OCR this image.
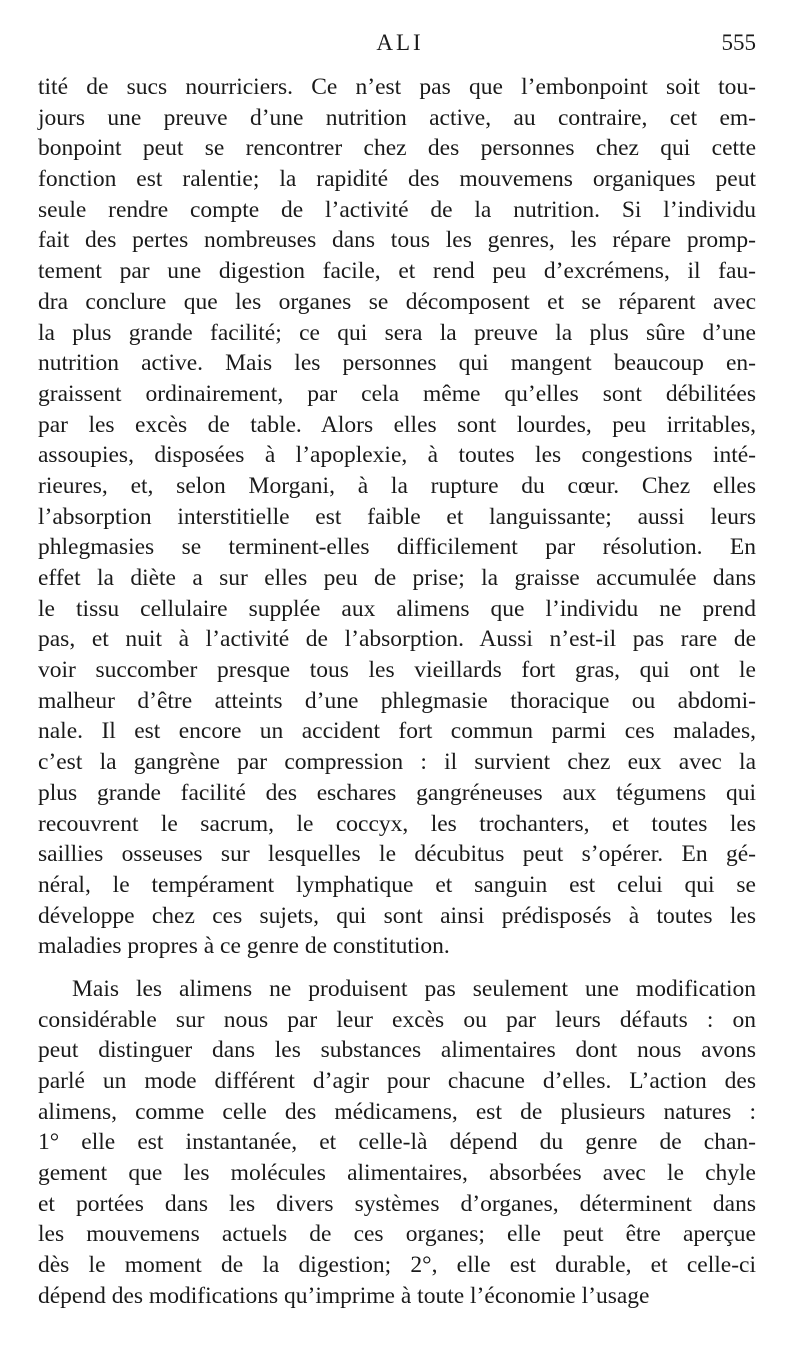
ALI	555
tité de sucs nourriciers. Ce n’est pas que l’embonpoint soit tou-
jours une preuve d’une nutrition active, au contraire, cet em-
bonpoint peut se rencontrer chez des personnes chez qui cette
fonction est ralentie; la rapidité des mouvemens organiques peut
seule rendre compte de l’activité de la nutrition. Si l’individu
fait des pertes nombreuses dans tous les genres, les répare promp-
tement par une digestion facile, et rend peu d’excrémens, il fau-
dra conclure que les organes se décomposent et se réparent avec
la plus grande facilité; ce qui sera la preuve la plus sûre d’une
nutrition active. Mais les personnes qui mangent beaucoup en-
graissent ordinairement, par cela même qu’elles sont débilitées
par les excès de table. Alors elles sont lourdes, peu irritables,
assoupies, disposées à l’apoplexie, à toutes les congestions inté-
rieures, et, selon Morgani, à la rupture du cœur. Chez elles
l’absorption interstitielle est faible et languissante; aussi leurs
phlegmasies se terminent-elles difficilement par résolution. En
effet la diète a sur elles peu de prise; la graisse accumulée dans
le tissu cellulaire supplée aux alimens que l’individu ne prend
pas, et nuit à l’activité de l’absorption. Aussi n’est-il pas rare de
voir succomber presque tous les vieillards fort gras, qui ont le
malheur d’être atteints d’une phlegmasie thoracique ou abdomi-
nale. Il est encore un accident fort commun parmi ces malades,
c’est la gangrène par compression : il survient chez eux avec la
plus grande facilité des eschares gangréneuses aux tégumens qui
recouvrent le sacrum, le coccyx, les trochanters, et toutes les
saillies osseuses sur lesquelles le décubitus peut s’opérer. En gé-
néral, le tempérament lymphatique et sanguin est celui qui se
développe chez ces sujets, qui sont ainsi prédisposés à toutes les
maladies propres à ce genre de constitution.
Mais les alimens ne produisent pas seulement une modification
considérable sur nous par leur excès ou par leurs défauts : on
peut distinguer dans les substances alimentaires dont nous avons
parlé un mode différent d’agir pour chacune d’elles. L’action des
alimens, comme celle des médicamens, est de plusieurs natures :
1° elle est instantanée, et celle-là dépend du genre de chan-
gement que les molécules alimentaires, absorbées avec le chyle
et portées dans les divers systèmes d’organes, déterminent dans
les mouvemens actuels de ces organes; elle peut être aperçue
dès le moment de la digestion; 2°, elle est durable, et celle-ci
dépend des modifications qu’imprime à toute l’économie l’usage
